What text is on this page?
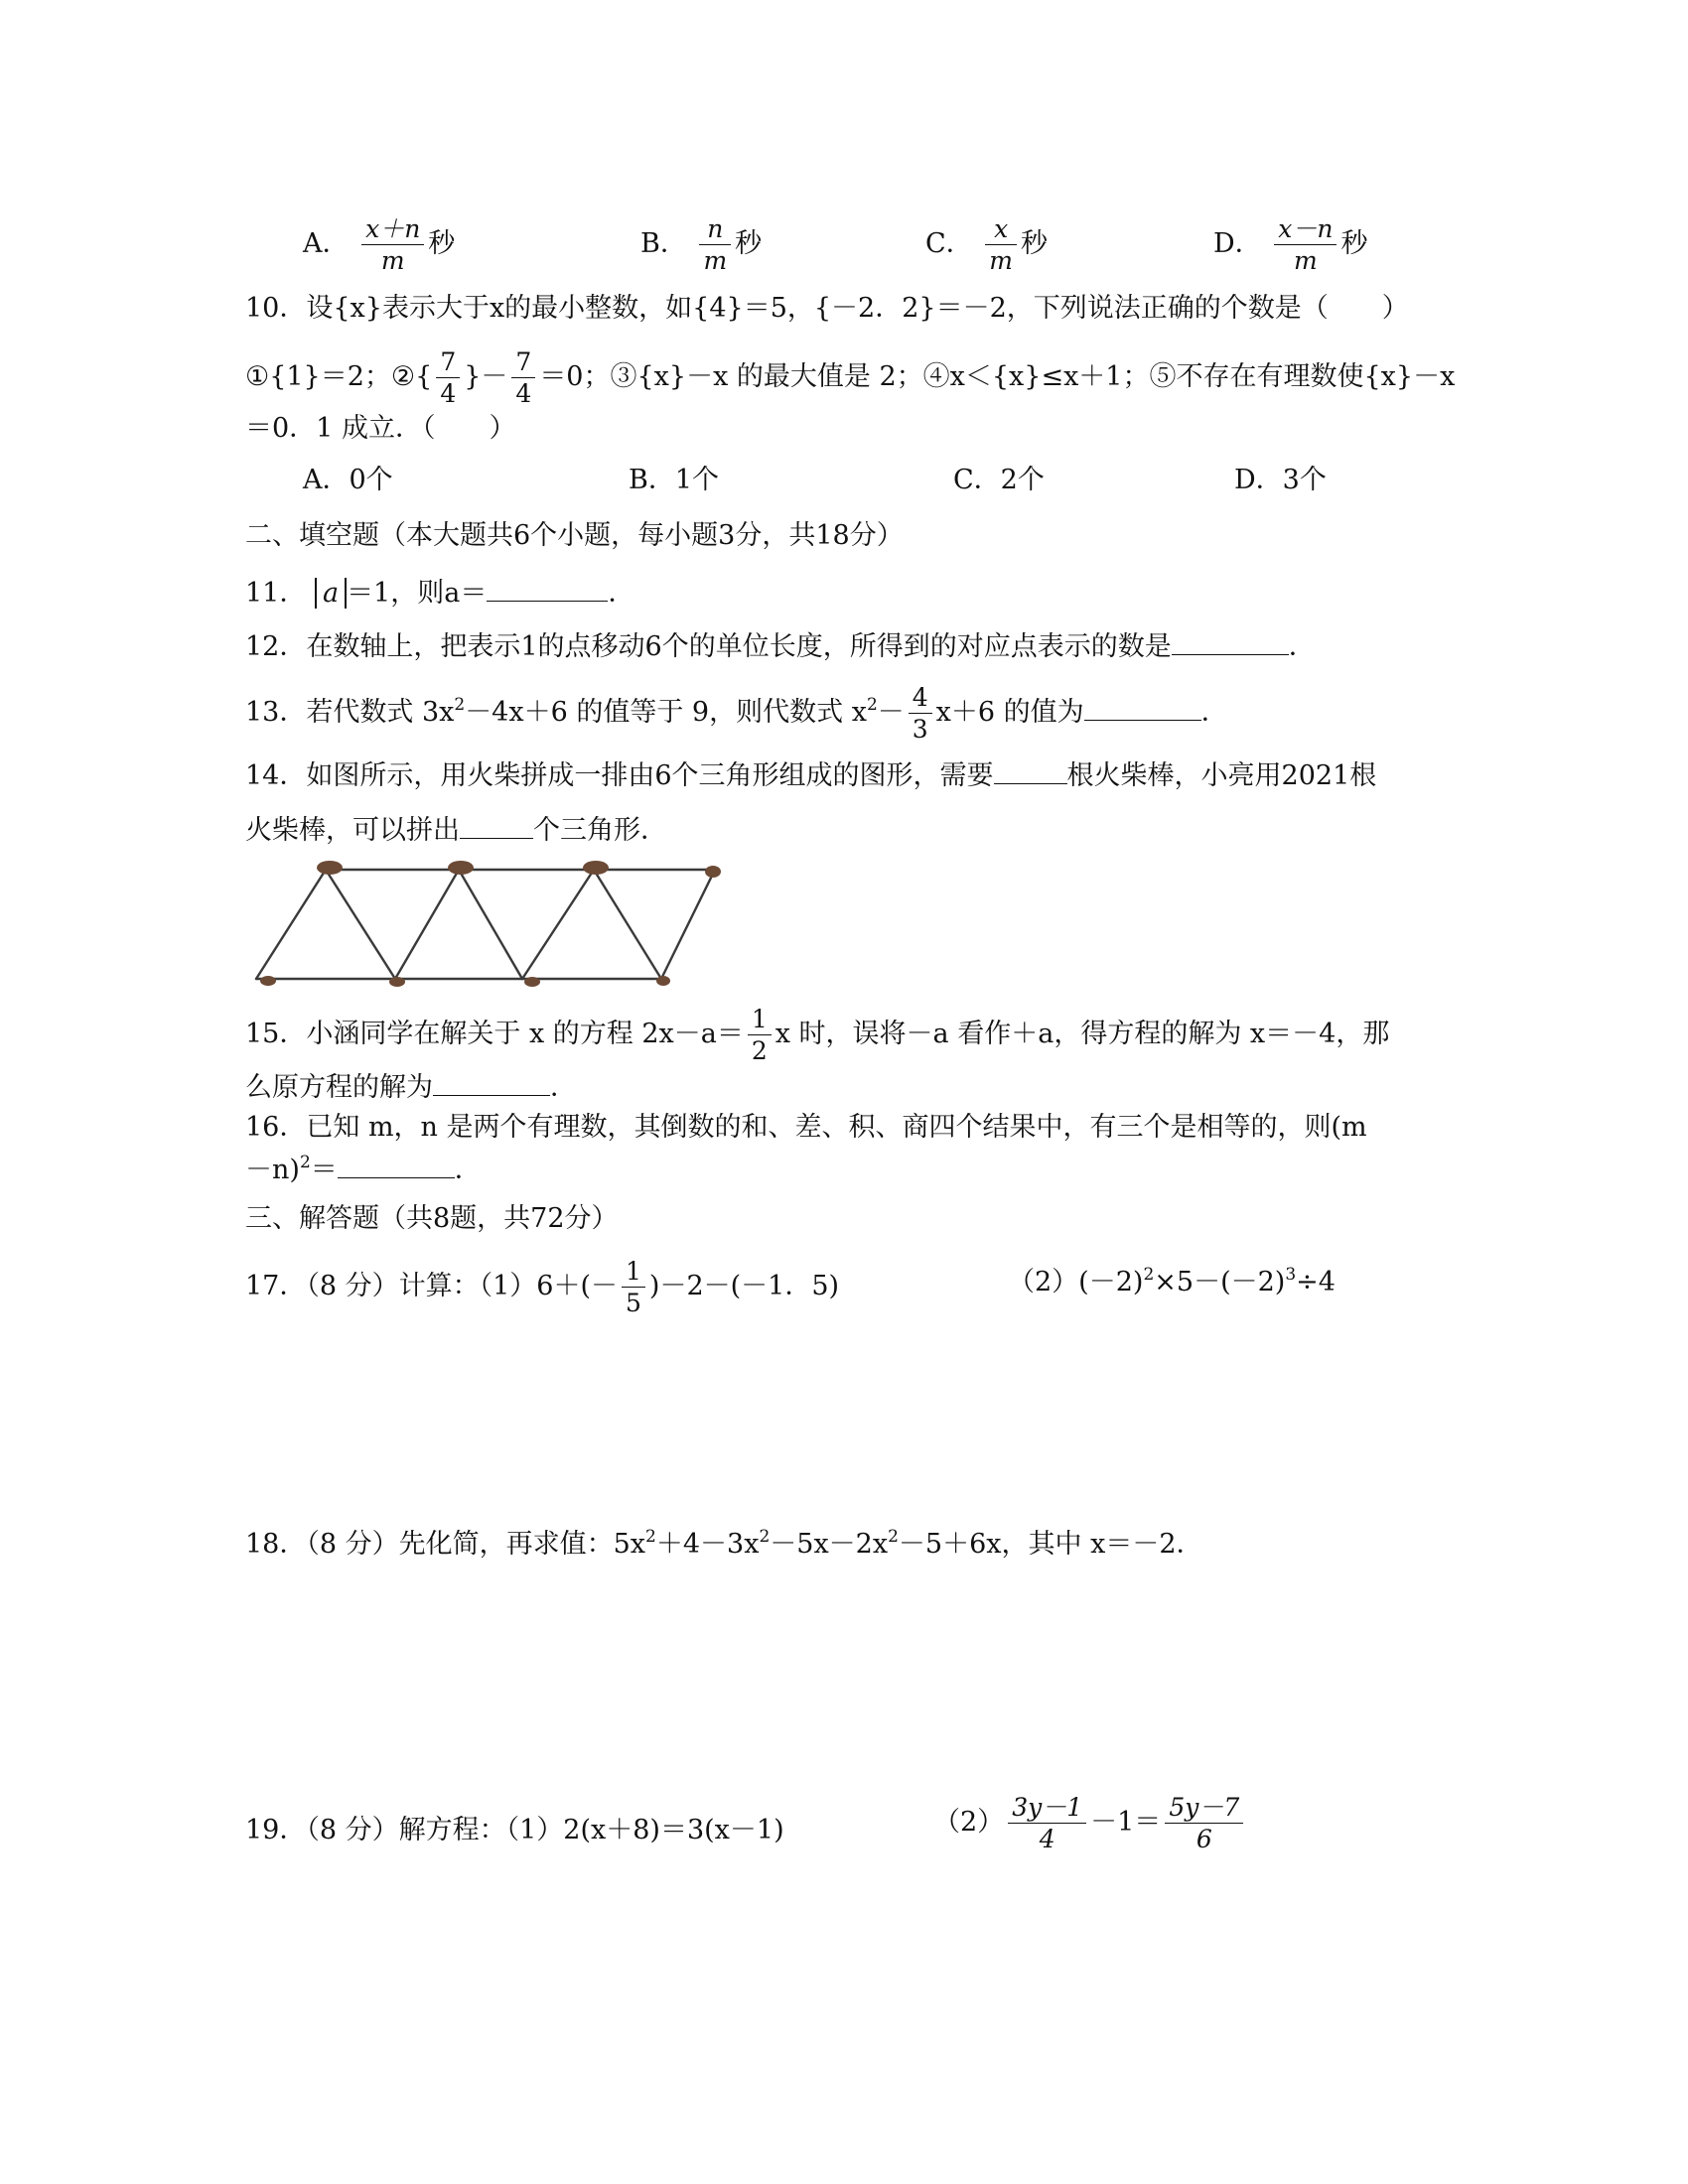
A． $\frac{x+n}{m}$ 秒	B． $\frac{n}{m}$ 秒	C． $\frac{x}{m}$ 秒	D． $\frac{x-n}{m}$ 秒
10．设{x}表示大于x的最小整数，如{4}＝5，{－2．2}＝－2，下列说法正确的个数是（　　）
①{1}＝2；②{ $\frac{7}{4}$ }－ $\frac{7}{4} =0$；③{x}－x 的最大值是 2；④x＜{x}≤x＋1；⑤不存在有理数使{x}－x
＝0．1 成立．（　　）
A．0个	B．1个	C．2个	D．3个
二、填空题（本大题共6个小题，每小题3分，共18分）
11． a ＝1，则a＝	．
12．在数轴上，把表示1的点移动6个的单位长度，所得到的对应点表示的数是	．
13．若代数式 $3x^2-4x+6$ 的值等于 9，则代数式 $x^2- \frac{4}{3} x+6$ 的值为	．
14．如图所示，用火柴拼成一排由6个三角形组成的图形，需要	根火柴棒，小亮用2021根
火柴棒，可以拼出	个三角形．
15．小涵同学在解关于 x 的方程 $2x-a= \frac{1}{2}$ x 时，误将－a 看作＋a，得方程的解为 x＝－4，那
么原方程的解为	．
16．已知 m，n 是两个有理数，其倒数的和、差、积、商四个结果中，有三个是相等的，则(m
－n)$^2$＝	．
三、解答题（共8题，共72分）
17．（8 分）计算：$(1)6+(- \frac{1}{5} )-2-(-1$．5)	$(2)(-2)^2\times 5-(-2)^3\div 4$
18．（8 分）先化简，再求值：$5x^2+4-3x^2-5x-2x^2-5+6x$，其中 x＝－2．
19．（8 分）解方程：（1）2(x＋8)＝3(x－1)	$(2) \frac{3y-1}{4} -1= \frac{5y-7}{6}$
